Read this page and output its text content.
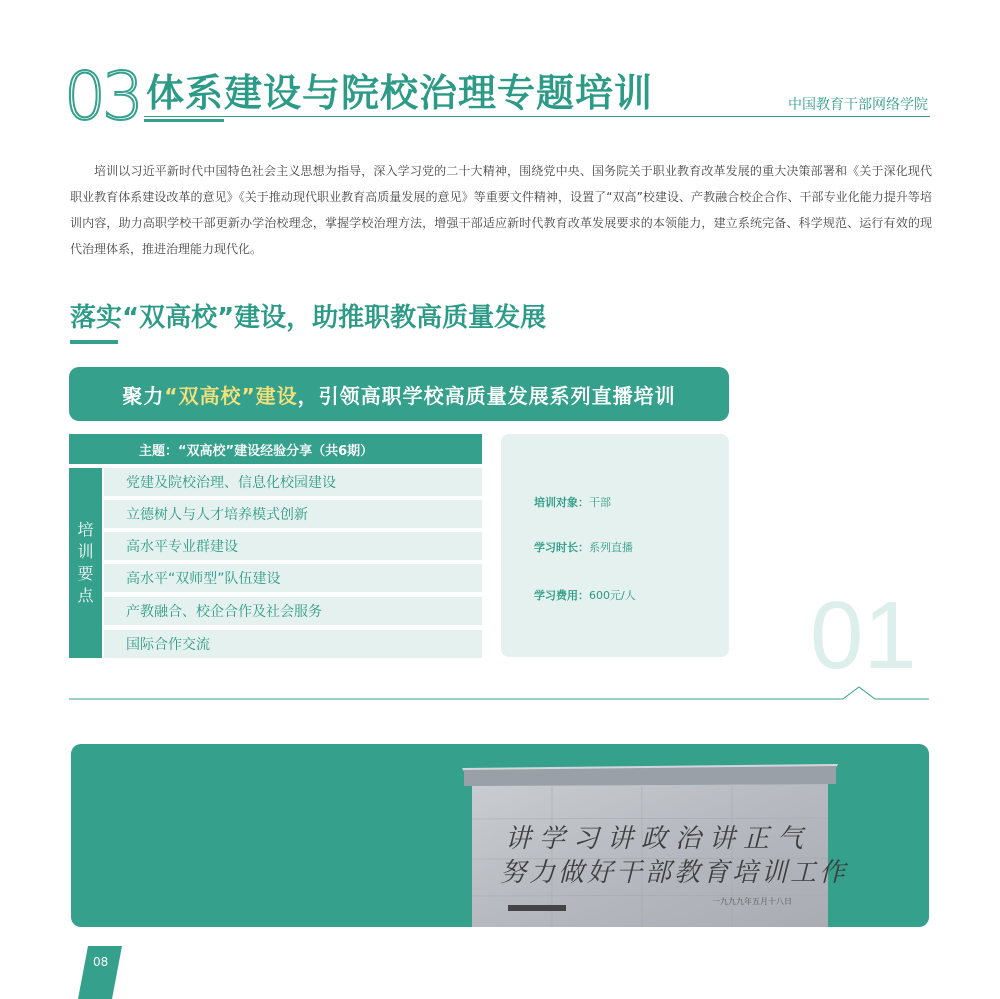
03 体系建设与院校治理专题培训	中国教育干部网络学院

培训以习近平新时代中国特色社会主义思想为指导，深入学习党的二十大精神，围绕党中央、国务院关于职业教育改革发展的重大决策部署和《关于深化现代职业教育体系建设改革的意见》《关于推动现代职业教育高质量发展的意见》等重要文件精神，设置了“双高”校建设、产教融合校企合作、干部专业化能力提升等培训内容，助力高职学校干部更新办学治校理念，掌握学校治理方法，增强干部适应新时代教育改革发展要求的本领能力，建立系统完备、科学规范、运行有效的现代治理体系，推进治理能力现代化。

落实“双高校”建设，助推职教高质量发展
聚力 “双高校”建设 ，引领高职学校高质量发展系列直播培训
主题：“双高校”建设经验分享（共6期）
培
训
要
点
党建及院校治理、信息化校园建设
立德树人与人才培养模式创新
高水平专业群建设
高水平“双师型”队伍建设
产教融合、校企合作及社会服务
国际合作交流
培训对象：干部
学习时长：系列直播
学习费用：600元/人 01
讲学习讲政治讲正气
努力做好干部教育培训工作
一九九九年五月十八日
08
